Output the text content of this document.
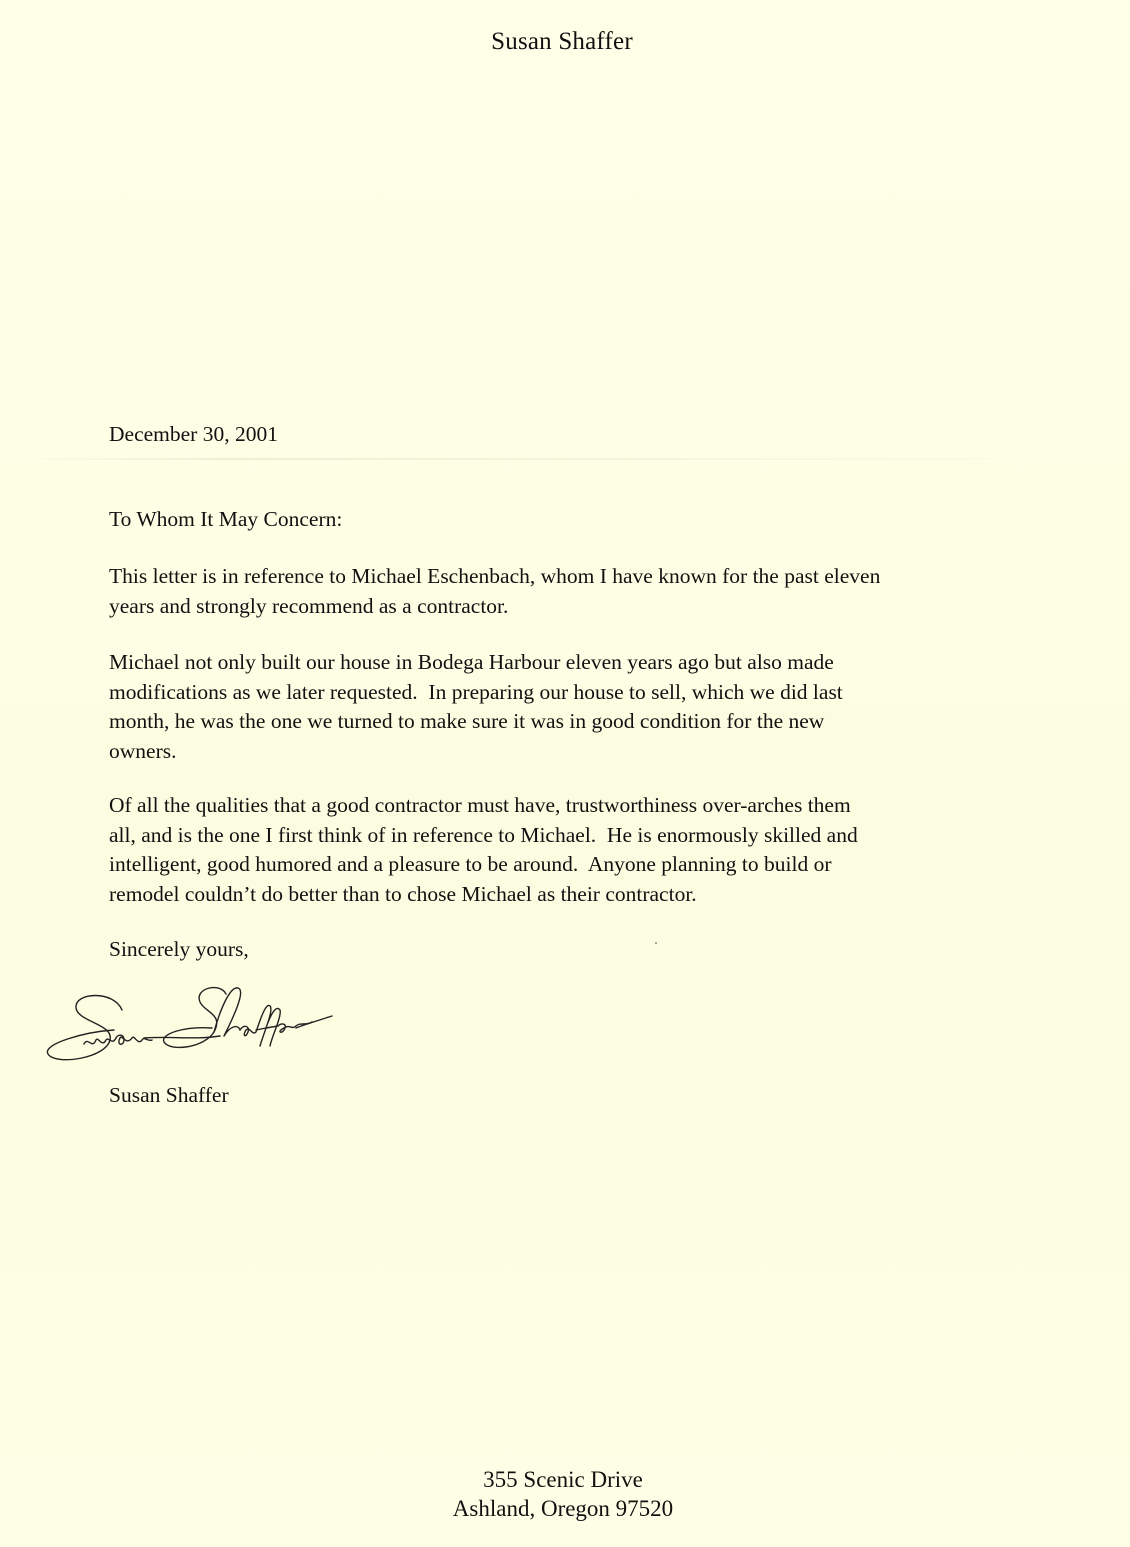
Susan Shaffer
December 30, 2001
To Whom It May Concern:
This letter is in reference to Michael Eschenbach, whom I have known for the past eleven
years and strongly recommend as a contractor.
Michael not only built our house in Bodega Harbour eleven years ago but also made
modifications as we later requested.  In preparing our house to sell, which we did last
month, he was the one we turned to make sure it was in good condition for the new
owners.
Of all the qualities that a good contractor must have, trustworthiness over-arches them
all, and is the one I first think of in reference to Michael.  He is enormously skilled and
intelligent, good humored and a pleasure to be around.  Anyone planning to build or
remodel couldn’t do better than to chose Michael as their contractor.
Sincerely yours,
Susan Shaffer
355 Scenic Drive
Ashland, Oregon 97520
